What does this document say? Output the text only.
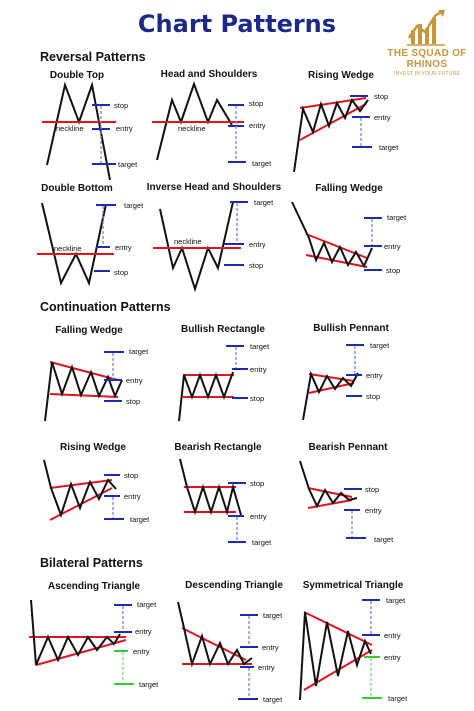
Chart Patterns
THE SQUAD OF
RHINOS
INVEST IN YOUR FUTURE
Reversal Patterns
Continuation Patterns
Bilateral Patterns
Double Top	Head and Shoulders	Rising Wedge
Double Bottom	Inverse Head and Shoulders	Falling Wedge
Falling Wedge	Bullish Rectangle	Bullish Pennant
Rising Wedge	Bearish Rectangle	Bearish Pennant
Ascending Triangle	Descending Triangle	Symmetrical Triangle
neckline
stop
entry
target
neckline
stop
entry
target
stop
entry
target
neckline
target
entry
stop
neckline
target
entry
stop
target
entry
stop
target
entry
stop
target
entry
stop
target
entry
stop
stop
entry
target
stop
entry
target
stop
entry
target
target
entry
entry
target
target
entry
entry
target
target
entry
entry
target
